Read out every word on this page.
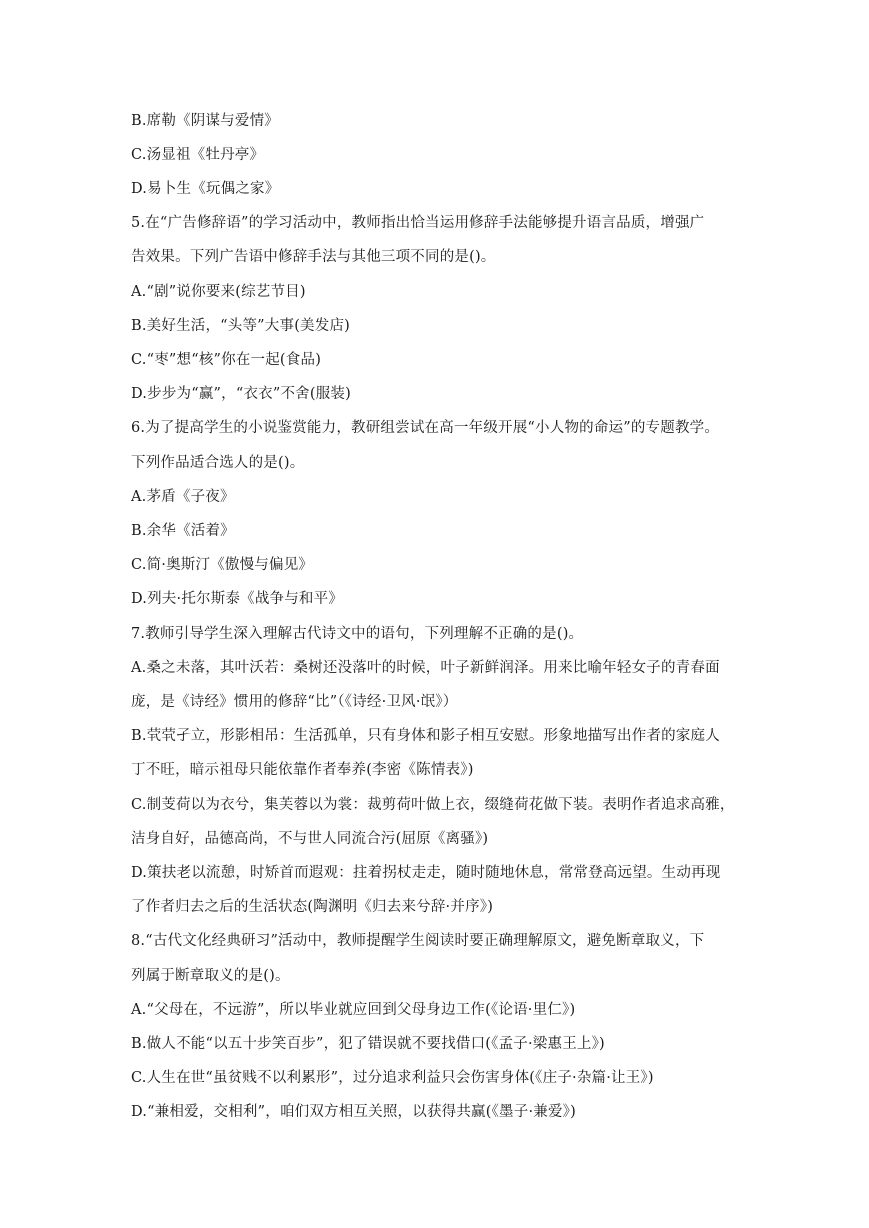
B.席勒《阴谋与爱情》
C.汤显祖《牡丹亭》
D.易卜生《玩偶之家》
5.在“广告修辞语”的学习活动中，教师指出恰当运用修辞手法能够提升语言品质，增强广
告效果。下列广告语中修辞手法与其他三项不同的是()。
A.“剧”说你要来(综艺节目)
B.美好生活，“头等”大事(美发店)
C.“枣”想“核”你在一起(食品)
D.步步为“赢”，“衣衣”不舍(服装)
6.为了提高学生的小说鉴赏能力，教研组尝试在高一年级开展“小人物的命运”的专题教学。
下列作品适合选人的是()。
A.茅盾《子夜》
B.余华《活着》
C.简·奥斯汀《傲慢与偏见》
D.列夫·托尔斯泰《战争与和平》
7.教师引导学生深入理解古代诗文中的语句，下列理解不正确的是()。
A.桑之未落，其叶沃若：桑树还没落叶的时候，叶子新鲜润泽。用来比喻年轻女子的青春面
庞，是《诗经》惯用的修辞“比”（《诗经·卫风·氓》）
B.茕茕孑立，形影相吊：生活孤单，只有身体和影子相互安慰。形象地描写出作者的家庭人
丁不旺，暗示祖母只能依靠作者奉养(李密《陈情表》)
C.制芰荷以为衣兮，集芙蓉以为裳：裁剪荷叶做上衣，缀缝荷花做下装。表明作者追求高雅，
洁身自好，品德高尚，不与世人同流合污(屈原《离骚》)
D.策扶老以流憩，时矫首而遐观：拄着拐杖走走，随时随地休息，常常登高远望。生动再现
了作者归去之后的生活状态(陶渊明《归去来兮辞·并序》)
8.“古代文化经典研习”活动中，教师提醒学生阅读时要正确理解原文，避免断章取义，下
列属于断章取义的是()。
A.“父母在，不远游”，所以毕业就应回到父母身边工作(《论语·里仁》)
B.做人不能“以五十步笑百步”，犯了错误就不要找借口(《孟子·梁惠王上》)
C.人生在世“虽贫贱不以利累形”，过分追求利益只会伤害身体(《庄子·杂篇·让王》)
D.“兼相爱，交相利”，咱们双方相互关照，以获得共赢(《墨子·兼爱》)
